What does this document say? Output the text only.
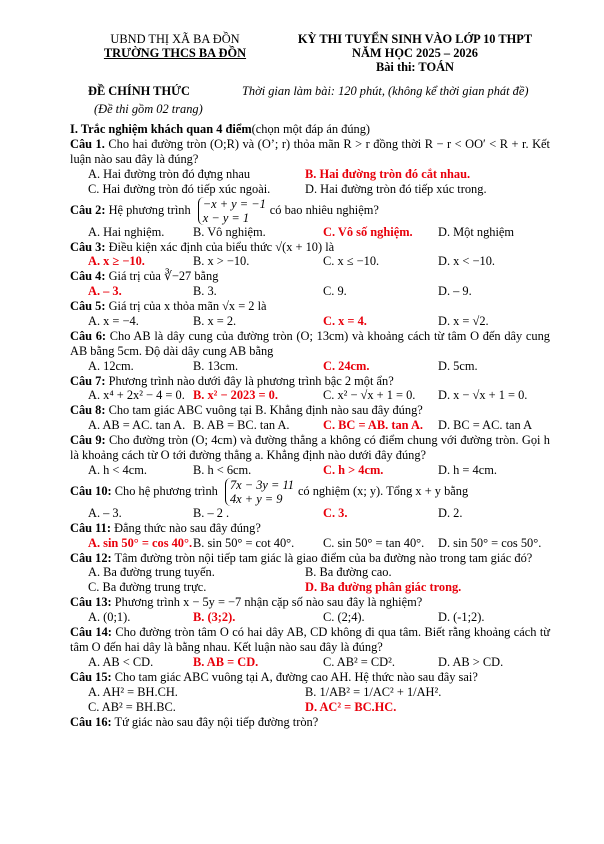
UBND THỊ XÃ BA ĐỒN
TRƯỜNG THCS BA ĐỒN
KỲ THI TUYỂN SINH VÀO LỚP 10 THPT
NĂM HỌC 2025 – 2026
Bài thi: TOÁN
ĐỀ CHÍNH THỨC	Thời gian làm bài: 120 phút, (không kể thời gian phát đề)
(Đề thi gồm 02 trang)
I. Trắc nghiệm khách quan 4 điểm(chọn một đáp án đúng)
Câu 1. Cho hai đường tròn (O;R) và (O’; r) thỏa mãn R > r đồng thời R − r < OO′ < R + r. Kết luận nào sau đây là đúng?
A. Hai đường tròn đó đựng nhau	B. Hai đường tròn đó cắt nhau.
C. Hai đường tròn đó tiếp xúc ngoài.	D. Hai đường tròn đó tiếp xúc trong.
Câu 2: Hệ phương trình −x + y = −1
x − y = 1
có bao nhiêu nghiệm?
A. Hai nghiệm. B. Vô nghiệm.	C. Vô số nghiệm. D. Một nghiệm
Câu 3: Điều kiện xác định của biểu thức √(x + 10) là
A. x ≥ −10.	B. x > −10.	C. x ≤ −10.	D. x < −10.
Câu 4: Giá trị của ∛−27 bằng
A. – 3.	B. 3.	C. 9.	D. – 9.
Câu 5: Giá trị của x thỏa mãn √x = 2 là
A. x = −4.	B. x = 2.	C. x = 4.	D. x = √2.
Câu 6: Cho AB là dây cung của đường tròn (O; 13cm) và khoảng cách từ tâm O đến dây cung AB bằng 5cm. Độ dài dây cung AB bằng
A. 12cm.	B. 13cm.	C. 24cm.	D. 5cm.
Câu 7: Phương trình nào dưới đây là phương trình bậc 2 một ẩn?
A. x⁴ + 2x² − 4 = 0. B. x² − 2023 = 0.	C. x² − √x + 1 = 0. D. x − √x + 1 = 0.
Câu 8: Cho tam giác ABC vuông tại B. Khẳng định nào sau đây đúng?
A. AB = AC. tan A. B. AB = BC. tan A.	C. BC = AB. tan A. D. BC = AC. tan A
Câu 9: Cho đường tròn (O; 4cm) và đường thẳng a không có điểm chung với đường tròn. Gọi h là khoảng cách từ O tới đường thẳng a. Khẳng định nào dưới đây đúng?
A. h < 4cm.	B. h < 6cm.	C. h > 4cm.	D. h = 4cm.
Câu 10: Cho hệ phương trình 7x − 3y = 11
4x + y = 9
có nghiệm (x; y). Tổng x + y bằng
A. – 3.	B. – 2 .	C. 3.	D. 2.
Câu 11: Đẳng thức nào sau đây đúng?
A. sin 50° = cos 40°. B. sin 50° = cot 40°. C. sin 50° = tan 40°. D. sin 50° = cos 50°.
Câu 12: Tâm đường tròn nội tiếp tam giác là giao điểm của ba đường nào trong tam giác đó?
A. Ba đường trung tuyến.	B. Ba đường cao.
C. Ba đường trung trực.	D. Ba đường phân giác trong.
Câu 13: Phương trình x − 5y = −7 nhận cặp số nào sau đây là nghiệm?
A. (0;1).	B. (3;2).	C. (2;4).	D. (-1;2).
Câu 14: Cho đường tròn tâm O có hai dây AB, CD không đi qua tâm. Biết rằng khoảng cách từ tâm O đến hai dây là bằng nhau. Kết luận nào sau đây là đúng?
A. AB < CD.	B. AB = CD.	C. AB² = CD².	D. AB > CD.
Câu 15: Cho tam giác ABC vuông tại A, đường cao AH. Hệ thức nào sau đây sai?
A. AH² = BH.CH.	B. 1/AB² = 1/AC² + 1/AH².
C. AB² = BH.BC.	D. AC² = BC.HC.
Câu 16: Tứ giác nào sau đây nội tiếp đường tròn?
